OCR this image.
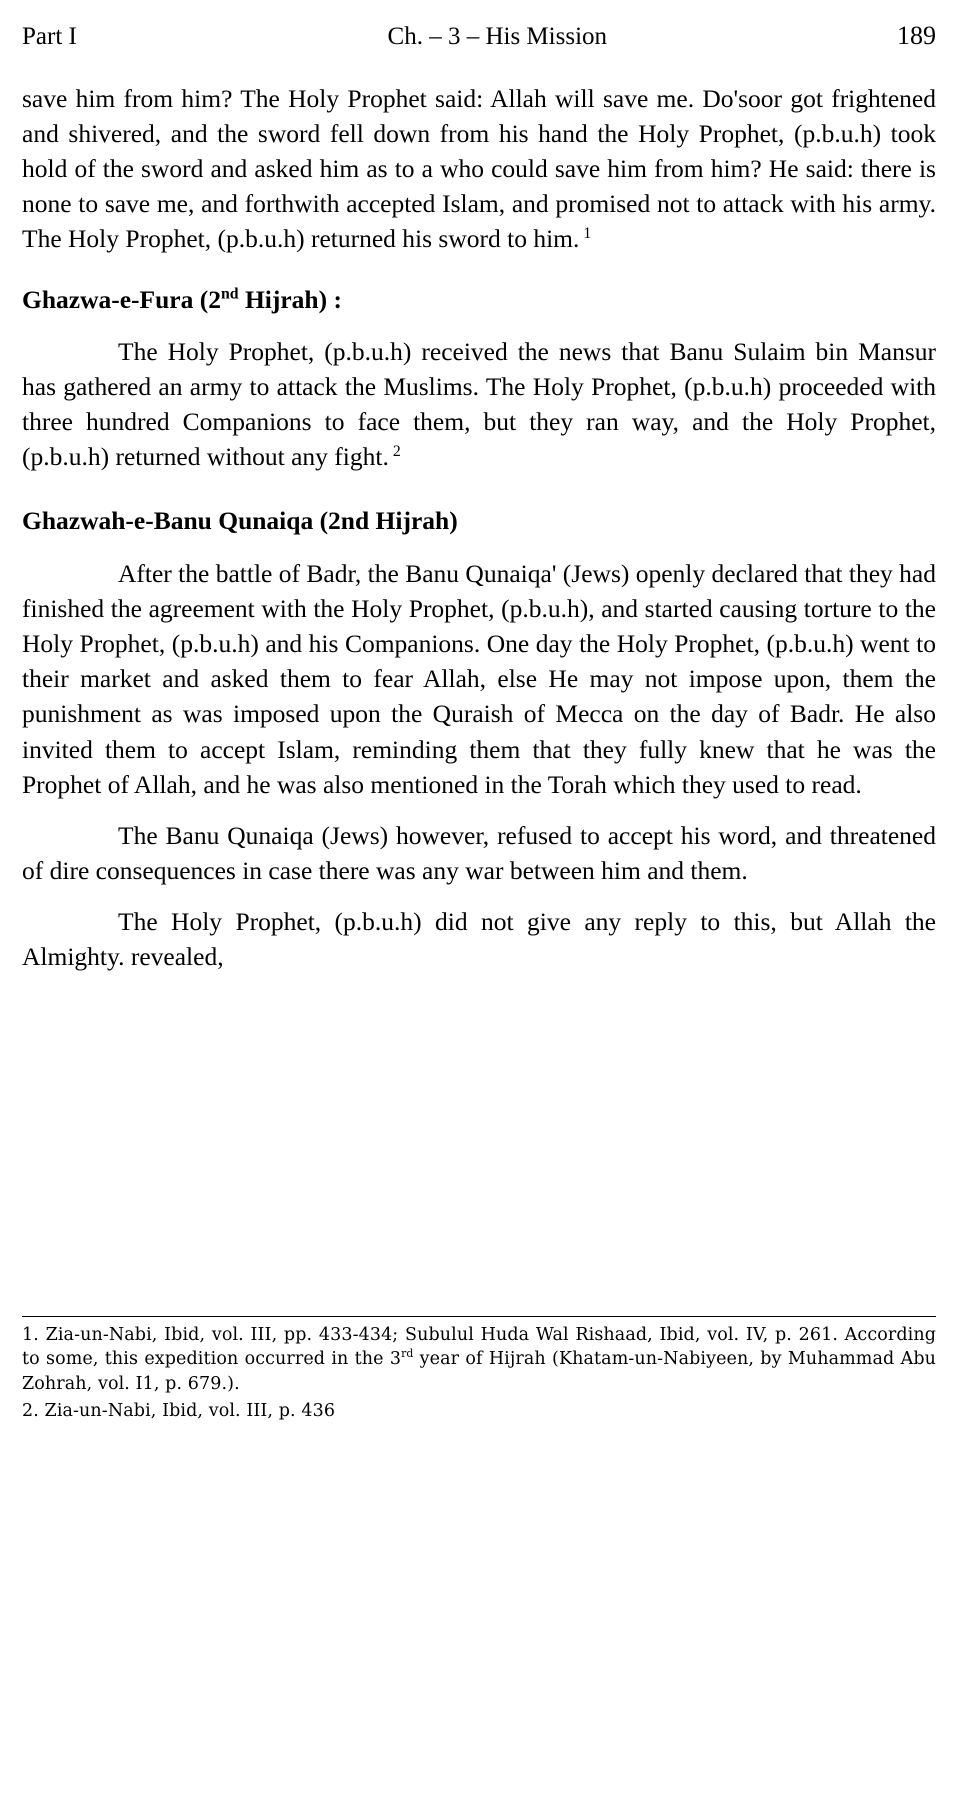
Part I	Ch. – 3 – His Mission	189

save him from him? The Holy Prophet said: Allah will save me. Do'soor got frightened and shivered, and the sword fell down from his hand the Holy Prophet, (p.b.u.h) took hold of the sword and asked him as to a who could save him from him? He said: there is none to save me, and forthwith accepted Islam, and promised not to attack with his army. The Holy Prophet, (p.b.u.h) returned his sword to him. $^1$

Ghazwa-e-Fura (2nd Hijrah) :

The Holy Prophet, (p.b.u.h) received the news that Banu Sulaim bin Mansur has gathered an army to attack the Muslims. The Holy Prophet, (p.b.u.h) proceeded with three hundred Companions to face them, but they ran way, and the Holy Prophet, (p.b.u.h) returned without any fight. $^2$

Ghazwah-e-Banu Qunaiqa (2nd Hijrah)

After the battle of Badr, the Banu Qunaiqa' (Jews) openly declared that they had finished the agreement with the Holy Prophet, (p.b.u.h), and started causing torture to the Holy Prophet, (p.b.u.h) and his Companions. One day the Holy Prophet, (p.b.u.h) went to their market and asked them to fear Allah, else He may not impose upon, them the punishment as was imposed upon the Quraish of Mecca on the day of Badr. He also invited them to accept Islam, reminding them that they fully knew that he was the Prophet of Allah, and he was also mentioned in the Torah which they used to read.

The Banu Qunaiqa (Jews) however, refused to accept his word, and threatened of dire consequences in case there was any war between him and them.

The Holy Prophet, (p.b.u.h) did not give any reply to this, but Allah the Almighty. revealed,

1. Zia-un-Nabi, Ibid, vol. III, pp. 433-434; Subulul Huda Wal Rishaad, Ibid, vol. IV, p. 261. According to some, this expedition occurred in the 3rd year of Hijrah (Khatam-un-Nabiyeen, by Muhammad Abu Zohrah, vol. I1, p. 679.).

2. Zia-un-Nabi, Ibid, vol. III, p. 436
